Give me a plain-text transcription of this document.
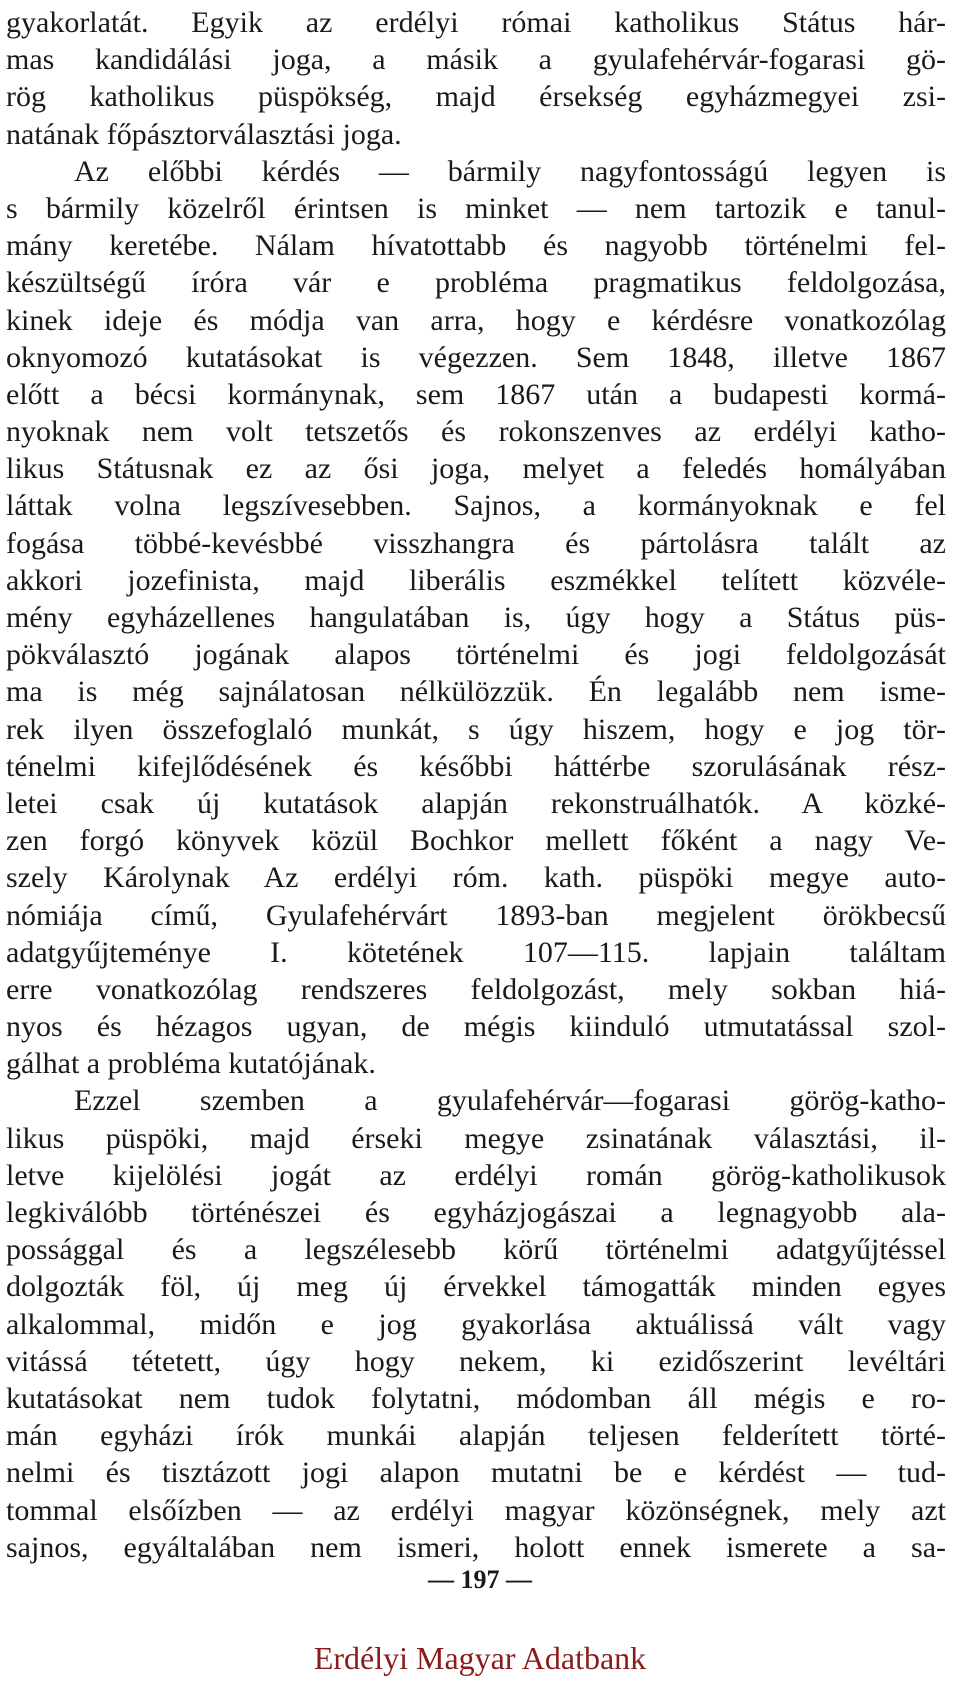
gyakorlatát. Egyik az erdélyi római katholikus Státus hár-
mas kandidálási joga, a másik a gyulafehérvár-fogarasi gö-
rög katholikus püspökség, majd érsekség egyházmegyei zsi-
natának főpásztorválasztási joga.
Az előbbi kérdés — bármily nagyfontosságú legyen is
s bármily közelről érintsen is minket — nem tartozik e tanul-
mány keretébe. Nálam hívatottabb és nagyobb történelmi fel-
készültségű íróra vár e probléma pragmatikus feldolgozása,
kinek ideje és módja van arra, hogy e kérdésre vonatkozólag
oknyomozó kutatásokat is végezzen. Sem 1848, illetve 1867
előtt a bécsi kormánynak, sem 1867 után a budapesti kormá-
nyoknak nem volt tetszetős és rokonszenves az erdélyi katho-
likus Státusnak ez az ősi joga, melyet a feledés homályában
láttak volna legszívesebben. Sajnos, a kormányoknak e fel
fogása többé-kevésbbé visszhangra és pártolásra talált az
akkori jozefinista, majd liberális eszmékkel telített közvéle-
mény egyházellenes hangulatában is, úgy hogy a Státus püs-
pökválasztó jogának alapos történelmi és jogi feldolgozását
ma is még sajnálatosan nélkülözzük. Én legalább nem isme-
rek ilyen összefoglaló munkát, s úgy hiszem, hogy e jog tör-
ténelmi kifejlődésének és későbbi háttérbe szorulásának rész-
letei csak új kutatások alapján rekonstruálhatók. A közké-
zen forgó könyvek közül Bochkor mellett főként a nagy Ve-
szely Károlynak Az erdélyi róm. kath. püspöki megye auto-
nómiája című, Gyulafehérvárt 1893-ban megjelent örökbecsű
adatgyűjteménye I. kötetének 107—115. lapjain találtam
erre vonatkozólag rendszeres feldolgozást, mely sokban hiá-
nyos és hézagos ugyan, de mégis kiinduló utmutatással szol-
gálhat a probléma kutatójának.
Ezzel szemben a gyulafehérvár—fogarasi görög-katho-
likus püspöki, majd érseki megye zsinatának választási, il-
letve kijelölési jogát az erdélyi román görög-katholikusok
legkiválóbb történészei és egyházjogászai a legnagyobb ala-
possággal és a legszélesebb körű történelmi adatgyűjtéssel
dolgozták föl, új meg új érvekkel támogatták minden egyes
alkalommal, midőn e jog gyakorlása aktuálissá vált vagy
vitássá tétetett, úgy hogy nekem, ki ezidőszerint levéltári
kutatásokat nem tudok folytatni, módomban áll mégis e ro-
mán egyházi írók munkái alapján teljesen felderített törté-
nelmi és tisztázott jogi alapon mutatni be e kérdést — tud-
tommal elsőízben — az erdélyi magyar közönségnek, mely azt
sajnos, egyáltalában nem ismeri, holott ennek ismerete a sa-
— 197 —
Erdélyi Magyar Adatbank
